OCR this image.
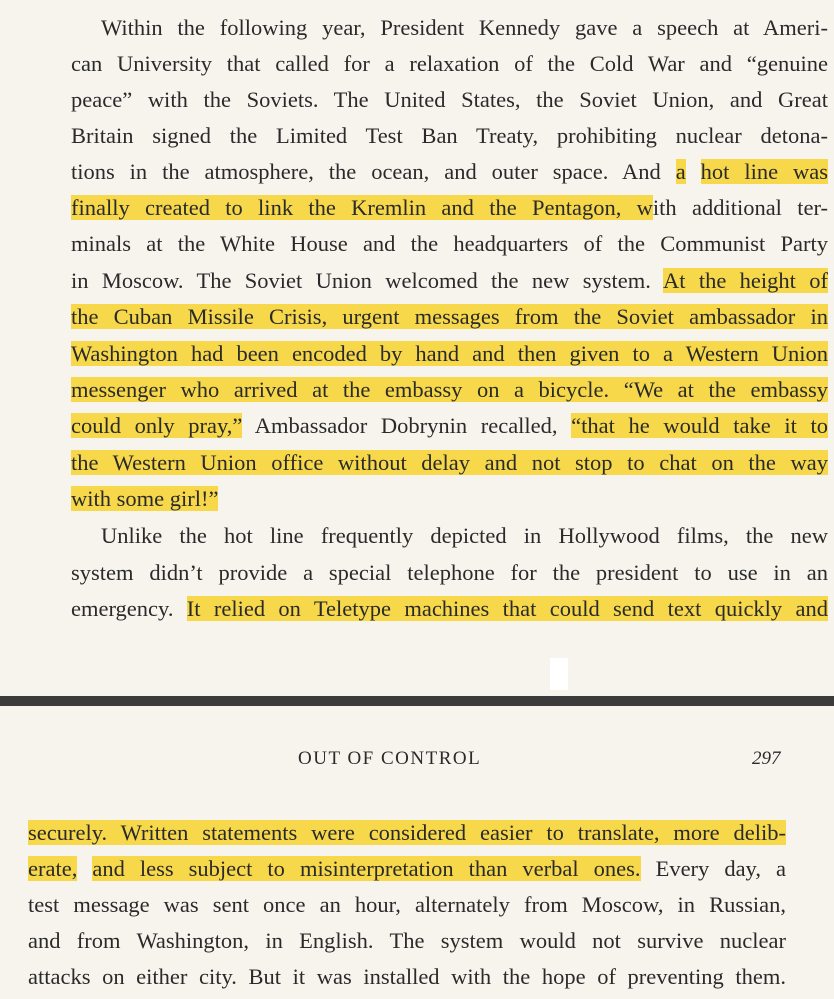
Within the following year, President Kennedy gave a speech at Ameri-
can University that called for a relaxation of the Cold War and “genuine
peace” with the Soviets. The United States, the Soviet Union, and Great
Britain signed the Limited Test Ban Treaty, prohibiting nuclear detona-
tions in the atmosphere, the ocean, and outer space. And a hot line was
finally created to link the Kremlin and the Pentagon, with additional ter-
minals at the White House and the headquarters of the Communist Party
in Moscow. The Soviet Union welcomed the new system. At the height of
the Cuban Missile Crisis, urgent messages from the Soviet ambassador in
Washington had been encoded by hand and then given to a Western Union
messenger who arrived at the embassy on a bicycle. “We at the embassy
could only pray,” Ambassador Dobrynin recalled, “that he would take it to
the Western Union office without delay and not stop to chat on the way
with some girl!”
Unlike the hot line frequently depicted in Hollywood films, the new
system didn’t provide a special telephone for the president to use in an
emergency. It relied on Teletype machines that could send text quickly and
OUT OF CONTROL	297
securely. Written statements were considered easier to translate, more delib-
erate, and less subject to misinterpretation than verbal ones. Every day, a
test message was sent once an hour, alternately from Moscow, in Russian,
and from Washington, in English. The system would not survive nuclear
attacks on either city. But it was installed with the hope of preventing them.
